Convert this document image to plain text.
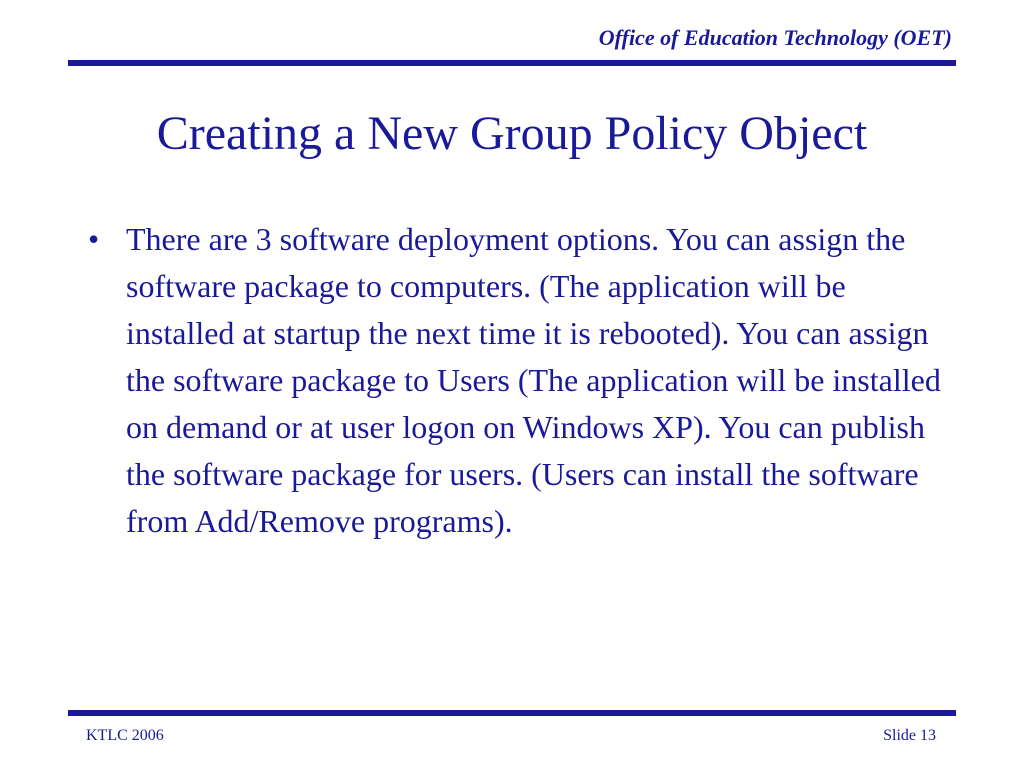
Office of Education Technology (OET)
Creating a New Group Policy Object
• There are 3 software deployment options. You can assign the software package to computers. (The application will be installed at startup the next time it is rebooted). You can assign the software package to Users (The application will be installed on demand or at user logon on Windows XP). You can publish the software package for users. (Users can install the software from Add/Remove programs).
KTLC 2006	Slide 13
